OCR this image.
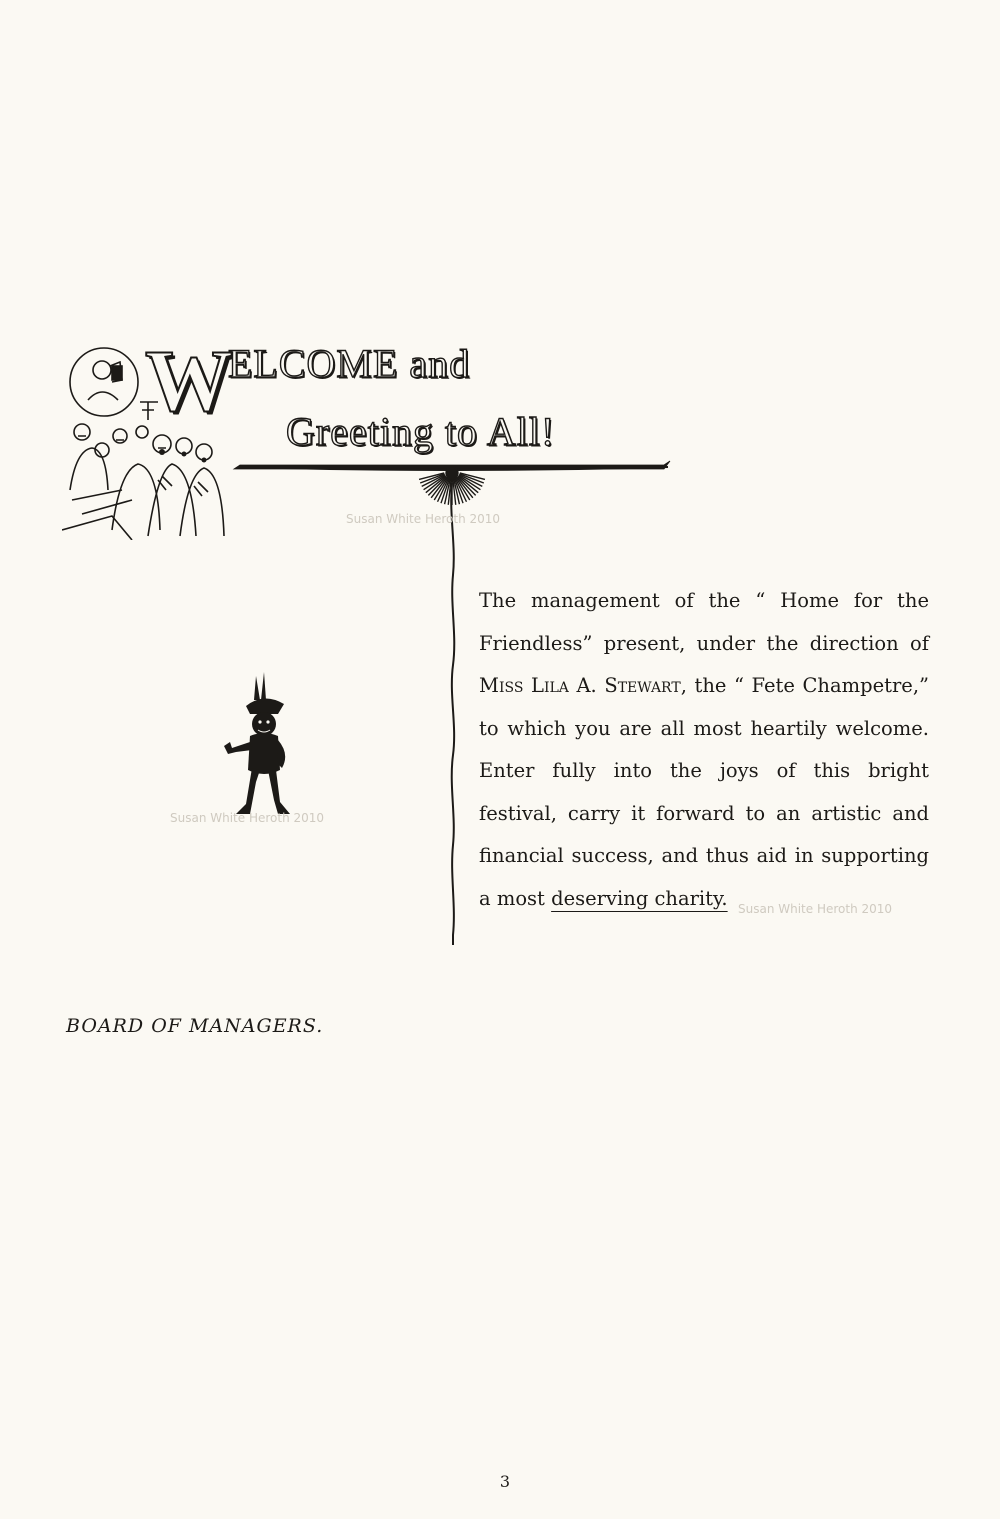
W
ELCOME and
Greeting to All!

The management of the “ Home for the Friendless” present, under the direction of Miss Lila A. Stewart, the “ Fete Champetre,” to which you are all most heartily welcome. Enter fully into the joys of this bright festival, carry it forward to an artistic and financial success, and thus aid in supporting a most deserving charity.

BOARD OF MANAGERS.
Susan White Heroth 2010
Susan White Heroth 2010
Susan White Heroth 2010
3
